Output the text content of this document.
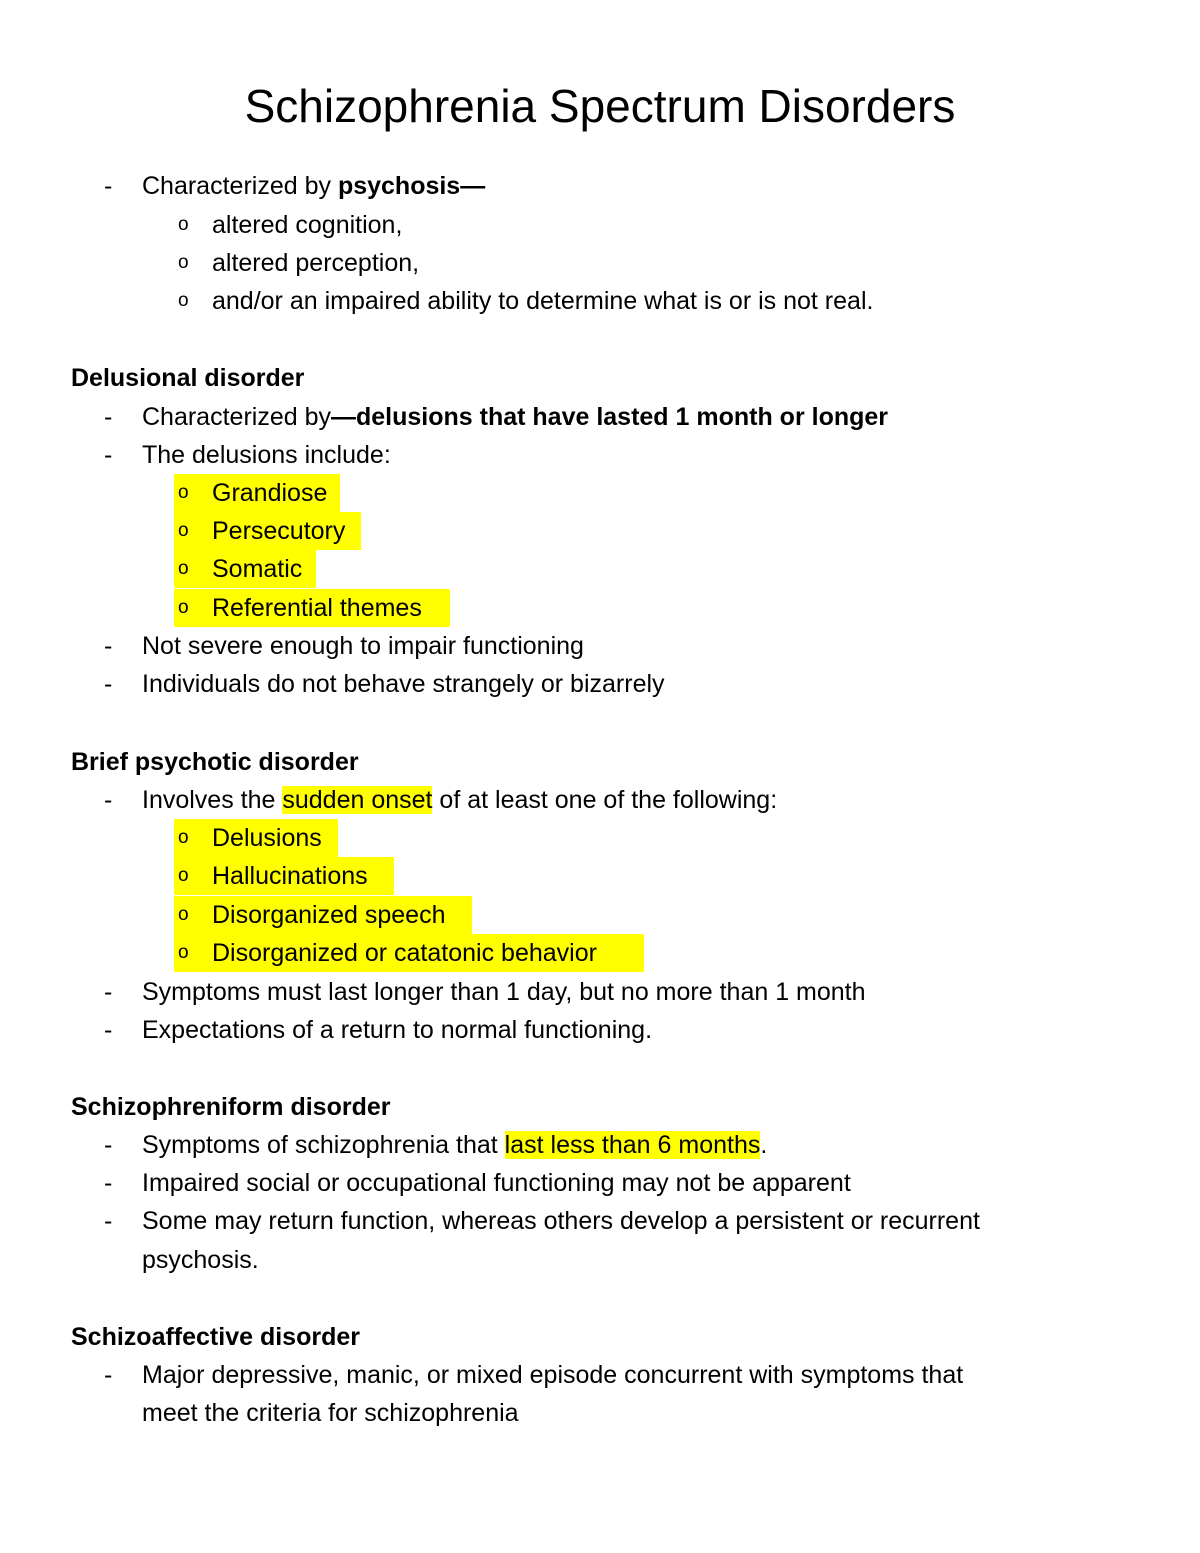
Schizophrenia Spectrum Disorders
- Characterized by psychosis—
o altered cognition,
o altered perception,
o and/or an impaired ability to determine what is or is not real.
Delusional disorder
- Characterized by—delusions that have lasted 1 month or longer
- The delusions include:
o Grandiose
o Persecutory
o Somatic
o Referential themes
- Not severe enough to impair functioning
- Individuals do not behave strangely or bizarrely
Brief psychotic disorder
- Involves the sudden onset of at least one of the following:
o Delusions
o Hallucinations
o Disorganized speech
o Disorganized or catatonic behavior
- Symptoms must last longer than 1 day, but no more than 1 month
- Expectations of a return to normal functioning.
Schizophreniform disorder
- Symptoms of schizophrenia that last less than 6 months.
- Impaired social or occupational functioning may not be apparent
- Some may return function, whereas others develop a persistent or recurrent
psychosis.
Schizoaffective disorder
- Major depressive, manic, or mixed episode concurrent with symptoms that
meet the criteria for schizophrenia
